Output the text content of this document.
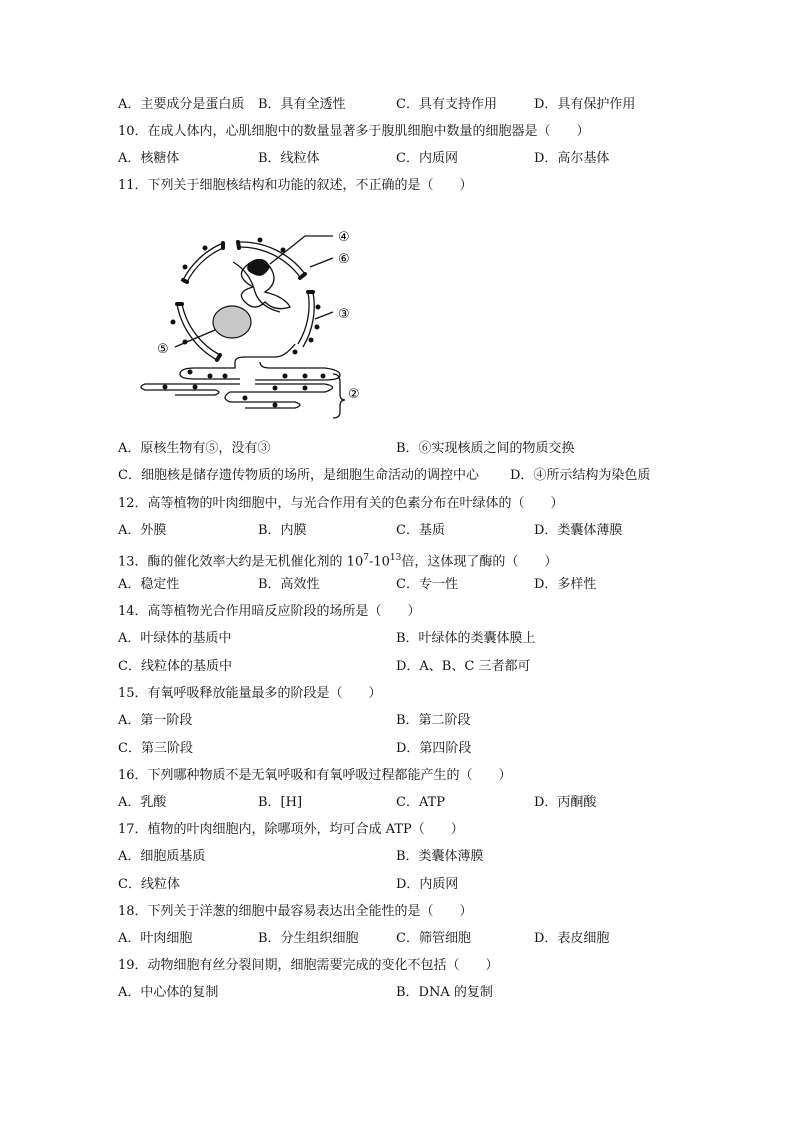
A．主要成分是蛋白质 B．具有全透性	C．具有支持作用	D．具有保护作用
10．在成人体内，心肌细胞中的数量显著多于腹肌细胞中数量的细胞器是（　　）
A．核糖体	B．线粒体	C．内质网	D．高尔基体
11．下列关于细胞核结构和功能的叙述，不正确的是（　　）
④
⑥
③
⑤
②
A．原核生物有⑤，没有③	B．⑥实现核质之间的物质交换
C．细胞核是储存遗传物质的场所，是细胞生命活动的调控中心 D．④所示结构为染色质
12．高等植物的叶肉细胞中，与光合作用有关的色素分布在叶绿体的（　　）
A．外膜	B．内膜	C．基质	D．类囊体薄膜
13．酶的催化效率大约是无机催化剂的 $10^7-10^{13}$倍，这体现了酶的（　　）
A．稳定性	B．高效性	C．专一性	D．多样性
14．高等植物光合作用暗反应阶段的场所是（　　）
A．叶绿体的基质中	B．叶绿体的类囊体膜上
C．线粒体的基质中	D．A、B、C 三者都可
15．有氧呼吸释放能量最多的阶段是（　　）
A．第一阶段	B．第二阶段
C．第三阶段	D．第四阶段
16．下列哪种物质不是无氧呼吸和有氧呼吸过程都能产生的（　　）
A．乳酸	B．[H]	C．ATP	D．丙酮酸
17．植物的叶肉细胞内，除哪项外，均可合成 ATP（　　）
A．细胞质基质	B．类囊体薄膜
C．线粒体	D．内质网
18．下列关于洋葱的细胞中最容易表达出全能性的是（　　）
A．叶肉细胞	B．分生组织细胞	C．筛管细胞	D．表皮细胞
19．动物细胞有丝分裂间期，细胞需要完成的变化不包括（　　）
A．中心体的复制	B．DNA 的复制
